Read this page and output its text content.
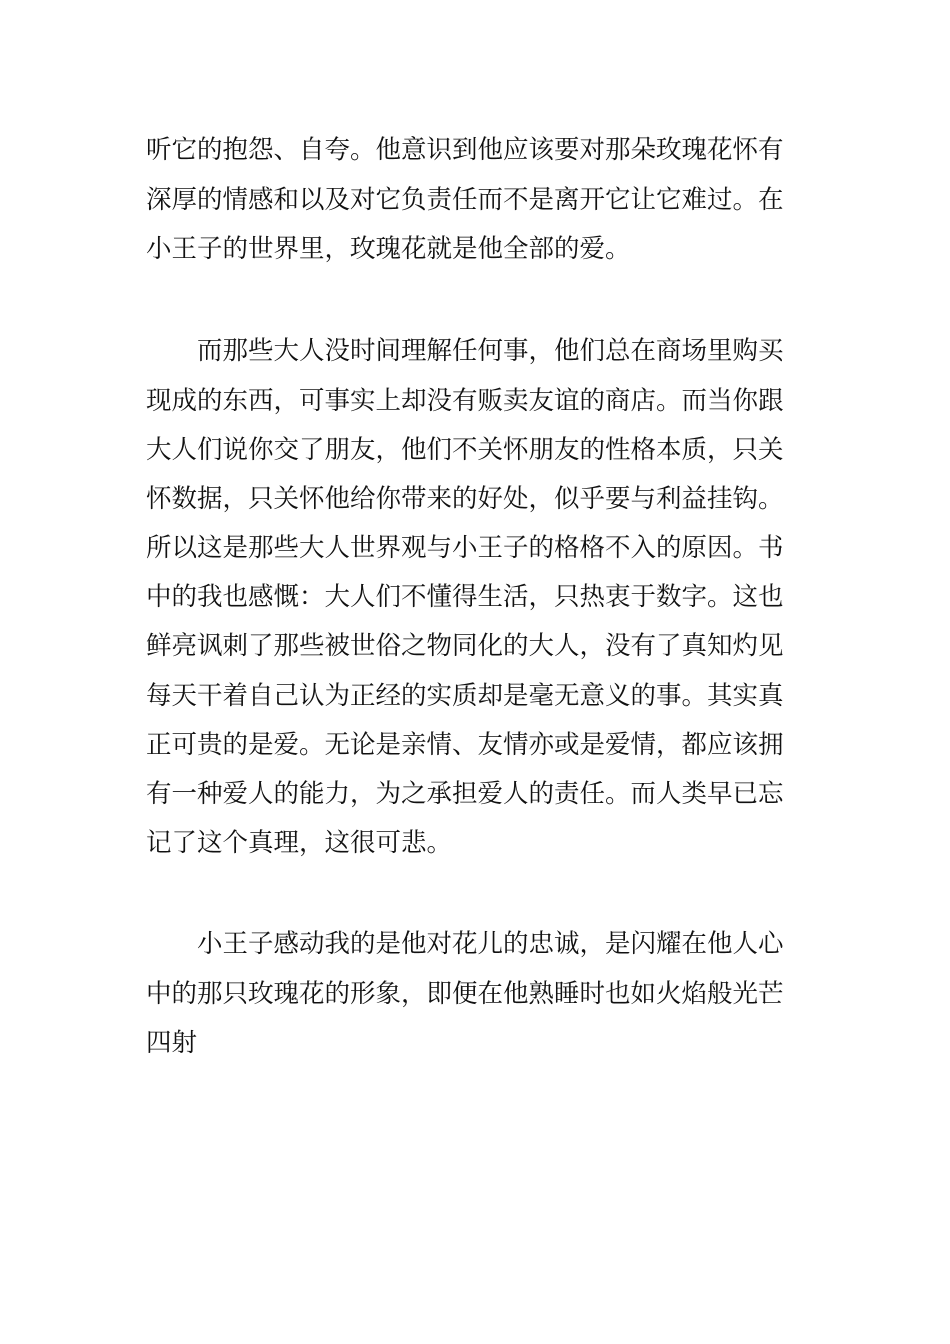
听它的抱怨、自夸。他意识到他应该要对那朵玫瑰花怀有
深厚的情感和以及对它负责任而不是离开它让它难过。在
小王子的世界里，玫瑰花就是他全部的爱。
　　而那些大人没时间理解任何事，他们总在商场里购买
现成的东西，可事实上却没有贩卖友谊的商店。而当你跟
大人们说你交了朋友，他们不关怀朋友的性格本质，只关
怀数据，只关怀他给你带来的好处，似乎要与利益挂钩。
所以这是那些大人世界观与小王子的格格不入的原因。书
中的我也感慨：大人们不懂得生活，只热衷于数字。这也
鲜亮讽刺了那些被世俗之物同化的大人，没有了真知灼见
每天干着自己认为正经的实质却是毫无意义的事。其实真
正可贵的是爱。无论是亲情、友情亦或是爱情，都应该拥
有一种爱人的能力，为之承担爱人的责任。而人类早已忘
记了这个真理，这很可悲。
　　小王子感动我的是他对花儿的忠诚，是闪耀在他人心
中的那只玫瑰花的形象，即便在他熟睡时也如火焰般光芒
四射
